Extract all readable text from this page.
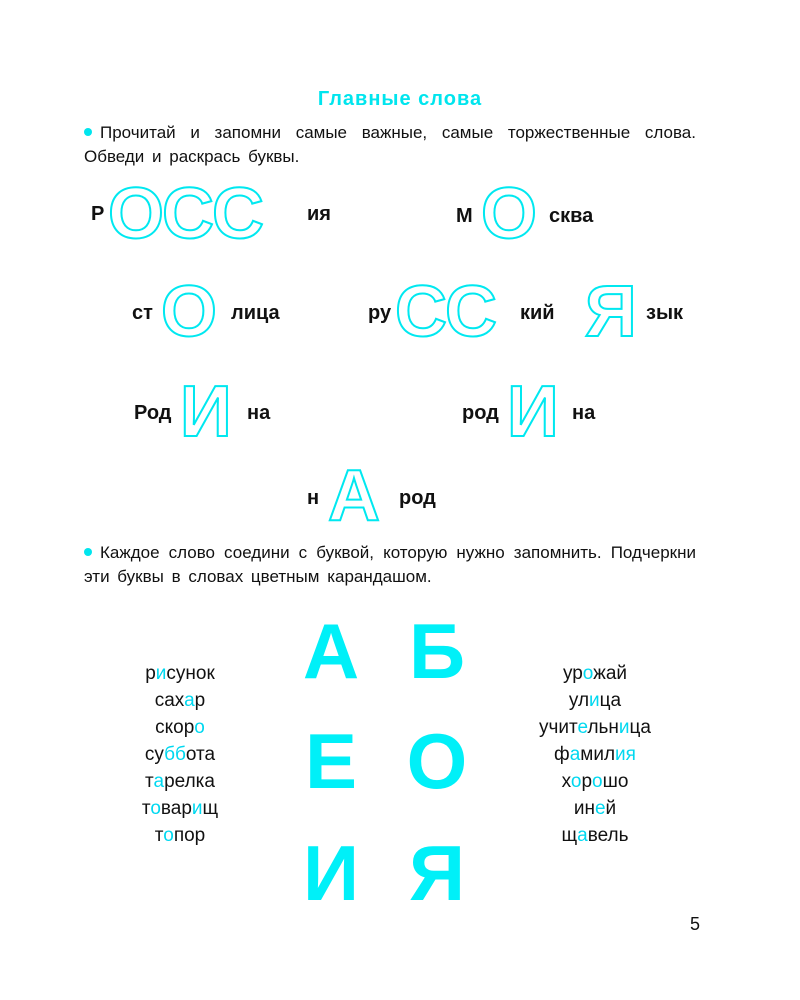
Главные слова
Прочитай и запомни самые важные, самые торжественные слова. Обведи и раскрась буквы.
Р ОСС ия	М О сква
ст О лица	ру СС кий Я зык
Род И на	род И на
н А род
Каждое слово соедини с буквой, которую нужно запомнить. Подчеркни эти буквы в словах цветным карандашом.
А Б
Е О
И Я
рисунок
сахар
скоро
суббота
тарелка
товарищ
топор
урожай
улица
учительница
фамилия
хорошо
иней
щавель
5
